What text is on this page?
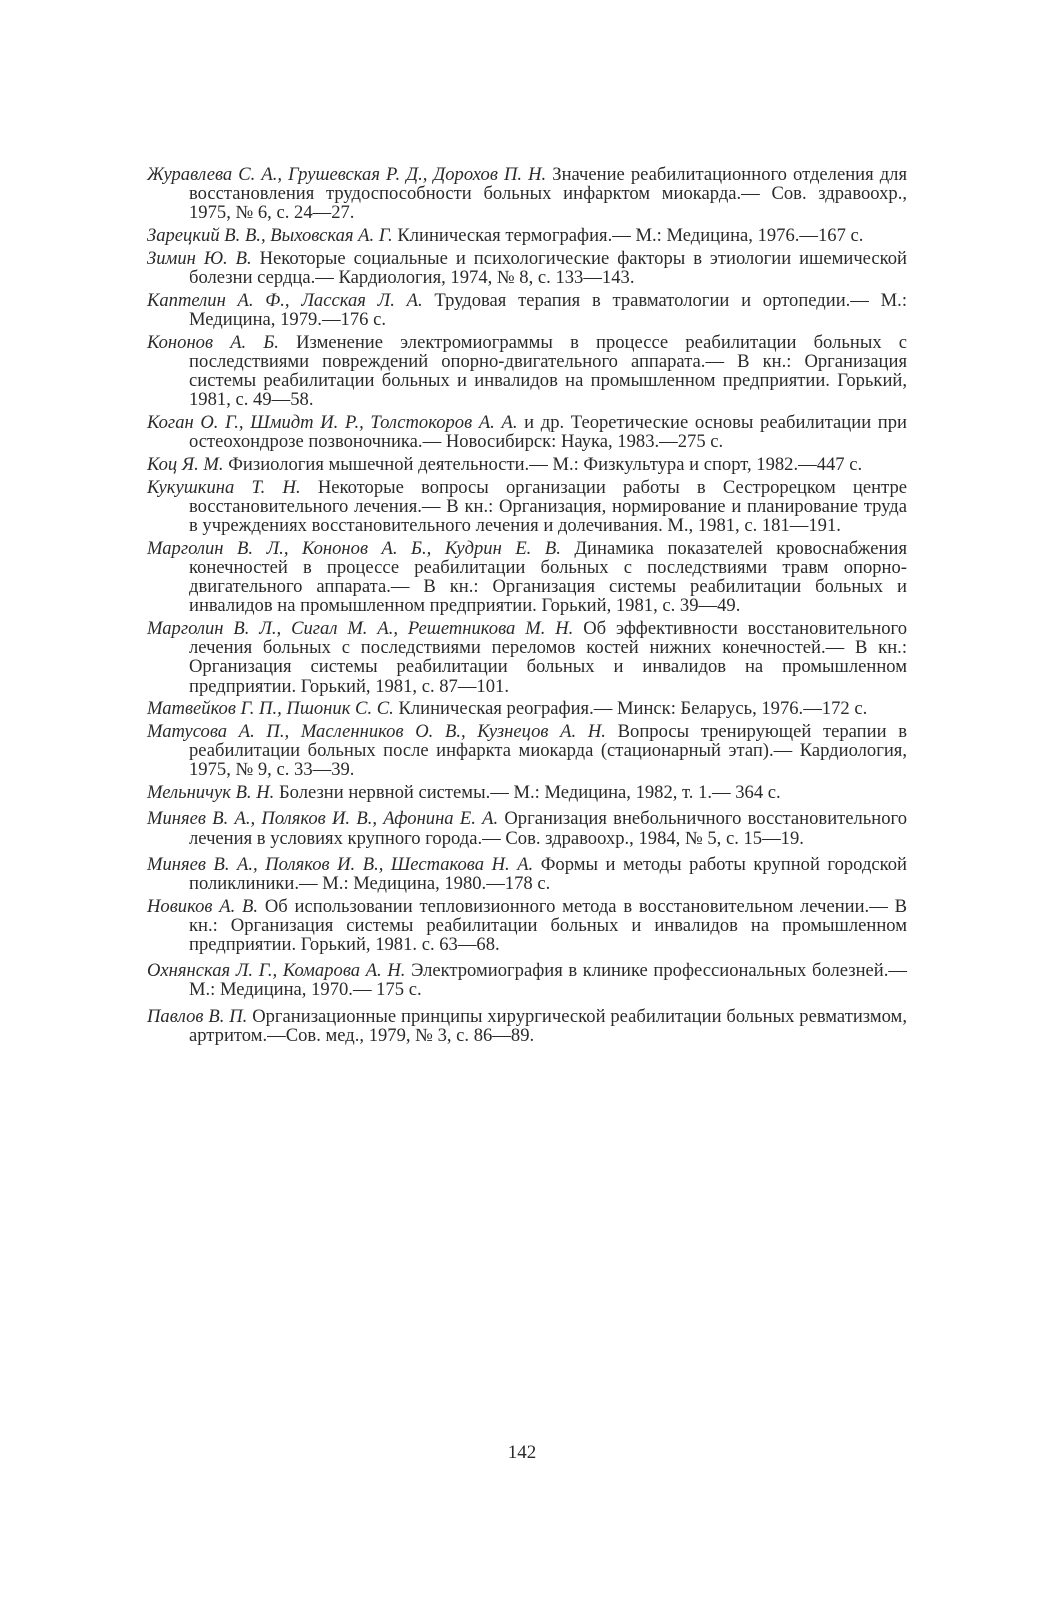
Журавлева С. А., Грушевская Р. Д., Дорохов П. Н. Значение реабилитационного отделения для восстановления трудоспособности больных инфарктом миокарда.— Сов. здравоохр., 1975, № 6, с. 24—27.
Зарецкий В. В., Выховская А. Г. Клиническая термография.— М.: Медицина, 1976.—167 с.
Зимин Ю. В. Некоторые социальные и психологические факторы в этиологии ишемической болезни сердца.— Кардиология, 1974, № 8, с. 133—143.
Каптелин А. Ф., Ласская Л. А. Трудовая терапия в травматологии и ортопедии.— М.: Медицина, 1979.—176 с.
Кононов А. Б. Изменение электромиограммы в процессе реабилитации больных с последствиями повреждений опорно-двигательного аппарата.— В кн.: Организация системы реабилитации больных и инвалидов на промышленном предприятии. Горький, 1981, с. 49—58.
Коган О. Г., Шмидт И. Р., Толстокоров А. А. и др. Теоретические основы реабилитации при остеохондрозе позвоночника.— Новосибирск: Наука, 1983.—275 с.
Коц Я. М. Физиология мышечной деятельности.— М.: Физкультура и спорт, 1982.—447 с.
Кукушкина Т. Н. Некоторые вопросы организации работы в Сестрорецком центре восстановительного лечения.— В кн.: Организация, нормирование и планирование труда в учреждениях восстановительного лечения и долечивания. М., 1981, с. 181—191.
Марголин В. Л., Кононов А. Б., Кудрин Е. В. Динамика показателей кровоснабжения конечностей в процессе реабилитации больных с последствиями травм опорно-двигательного аппарата.— В кн.: Организация системы реабилитации больных и инвалидов на промышленном предприятии. Горький, 1981, с. 39—49.
Марголин В. Л., Сигал М. А., Решетникова М. Н. Об эффективности восстановительного лечения больных с последствиями переломов костей нижних конечностей.— В кн.: Организация системы реабилитации больных и инвалидов на промышленном предприятии. Горький, 1981, с. 87—101.
Матвейков Г. П., Пшоник С. С. Клиническая реография.— Минск: Беларусь, 1976.—172 с.
Матусова А. П., Масленников О. В., Кузнецов А. Н. Вопросы тренирующей терапии в реабилитации больных после инфаркта миокарда (стационарный этап).— Кардиология, 1975, № 9, с. 33—39.
Мельничук В. Н. Болезни нервной системы.— М.: Медицина, 1982, т. 1.— 364 с.
Миняев В. А., Поляков И. В., Афонина Е. А. Организация внебольничного восстановительного лечения в условиях крупного города.— Сов. здравоохр., 1984, № 5, с. 15—19.
Миняев В. А., Поляков И. В., Шестакова Н. А. Формы и методы работы крупной городской поликлиники.— М.: Медицина, 1980.—178 с.
Новиков А. В. Об использовании тепловизионного метода в восстановительном лечении.— В кн.: Организация системы реабилитации больных и инвалидов на промышленном предприятии. Горький, 1981. с. 63—68.
Охнянская Л. Г., Комарова А. Н. Электромиография в клинике профессиональных болезней.— М.: Медицина, 1970.— 175 с.
Павлов В. П. Организационные принципы хирургической реабилитации больных ревматизмом, артритом.—Сов. мед., 1979, № 3, с. 86—89.
142
